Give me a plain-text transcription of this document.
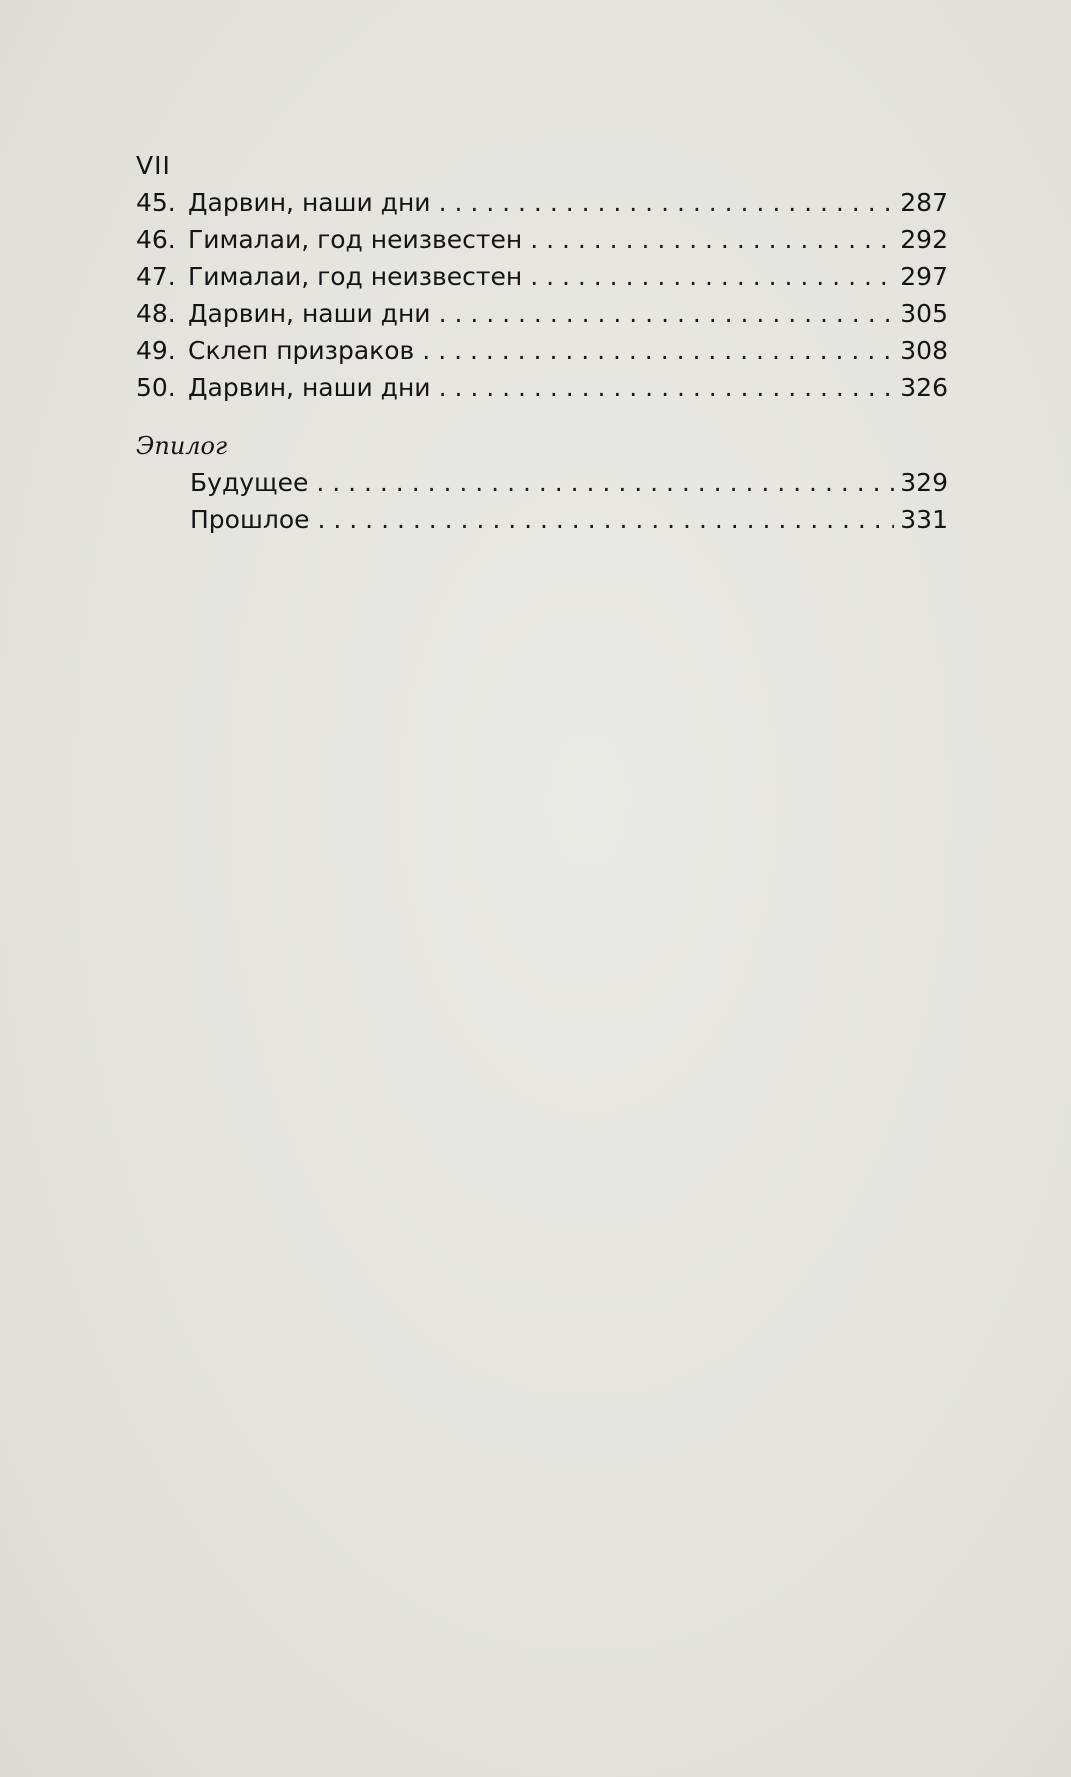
VII
45. Дарвин, наши дни . . .	287
46. Гималаи, год неизвестен . . .	292
47. Гималаи, год неизвестен . . .	297
48. Дарвин, наши дни . . .	305
49. Склеп призраков . . .	308
50. Дарвин, наши дни . . .	326
Эпилог
Будущее . . .	329
Прошлое . . .	331
